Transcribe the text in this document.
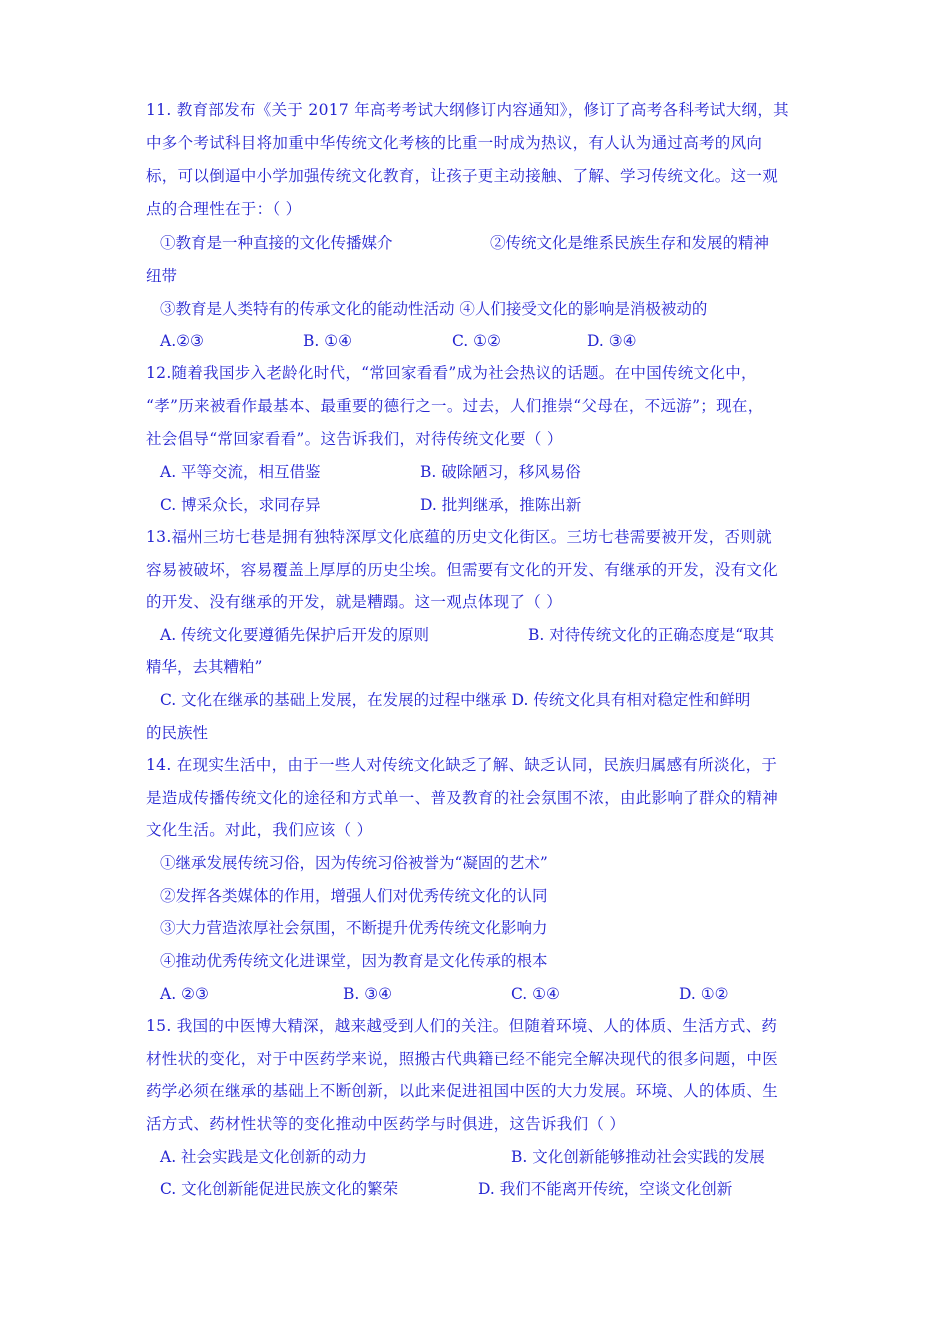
11. 教育部发布《关于 2017 年高考考试大纲修订内容通知》，修订了高考各科考试大纲，其
中多个考试科目将加重中华传统文化考核的比重一时成为热议，有人认为通过高考的风向
标，可以倒逼中小学加强传统文化教育，让孩子更主动接触、了解、学习传统文化。这一观
点的合理性在于：（ ）
①教育是一种直接的文化传播媒介	②传统文化是维系民族生存和发展的精神
纽带
③教育是人类特有的传承文化的能动性活动 ④人们接受文化的影响是消极被动的
A.②③	B. ①④	C. ①②	D. ③④
12.随着我国步入老龄化时代，“常回家看看”成为社会热议的话题。在中国传统文化中，
“孝”历来被看作最基本、最重要的德行之一。过去，人们推崇“父母在，不远游”；现在，
社会倡导“常回家看看”。这告诉我们，对待传统文化要（ ）
A. 平等交流，相互借鉴	B. 破除陋习，移风易俗
C. 博采众长，求同存异	D. 批判继承，推陈出新
13.福州三坊七巷是拥有独特深厚文化底蕴的历史文化街区。三坊七巷需要被开发，否则就
容易被破坏，容易覆盖上厚厚的历史尘埃。但需要有文化的开发、有继承的开发，没有文化
的开发、没有继承的开发，就是糟蹋。这一观点体现了（ ）
A. 传统文化要遵循先保护后开发的原则	B. 对待传统文化的正确态度是“取其
精华，去其糟粕”
C. 文化在继承的基础上发展，在发展的过程中继承 D. 传统文化具有相对稳定性和鲜明
的民族性
14. 在现实生活中，由于一些人对传统文化缺乏了解、缺乏认同，民族归属感有所淡化，于
是造成传播传统文化的途径和方式单一、普及教育的社会氛围不浓，由此影响了群众的精神
文化生活。对此，我们应该（ ）
①继承发展传统习俗，因为传统习俗被誉为“凝固的艺术”
②发挥各类媒体的作用，增强人们对优秀传统文化的认同
③大力营造浓厚社会氛围，不断提升优秀传统文化影响力
④推动优秀传统文化进课堂，因为教育是文化传承的根本
A. ②③	B. ③④	C. ①④	D. ①②
15. 我国的中医博大精深，越来越受到人们的关注。但随着环境、人的体质、生活方式、药
材性状的变化，对于中医药学来说，照搬古代典籍已经不能完全解决现代的很多问题，中医
药学必须在继承的基础上不断创新，以此来促进祖国中医的大力发展。环境、人的体质、生
活方式、药材性状等的变化推动中医药学与时俱进，这告诉我们（ ）
A. 社会实践是文化创新的动力	B. 文化创新能够推动社会实践的发展
C. 文化创新能促进民族文化的繁荣	D. 我们不能离开传统，空谈文化创新
